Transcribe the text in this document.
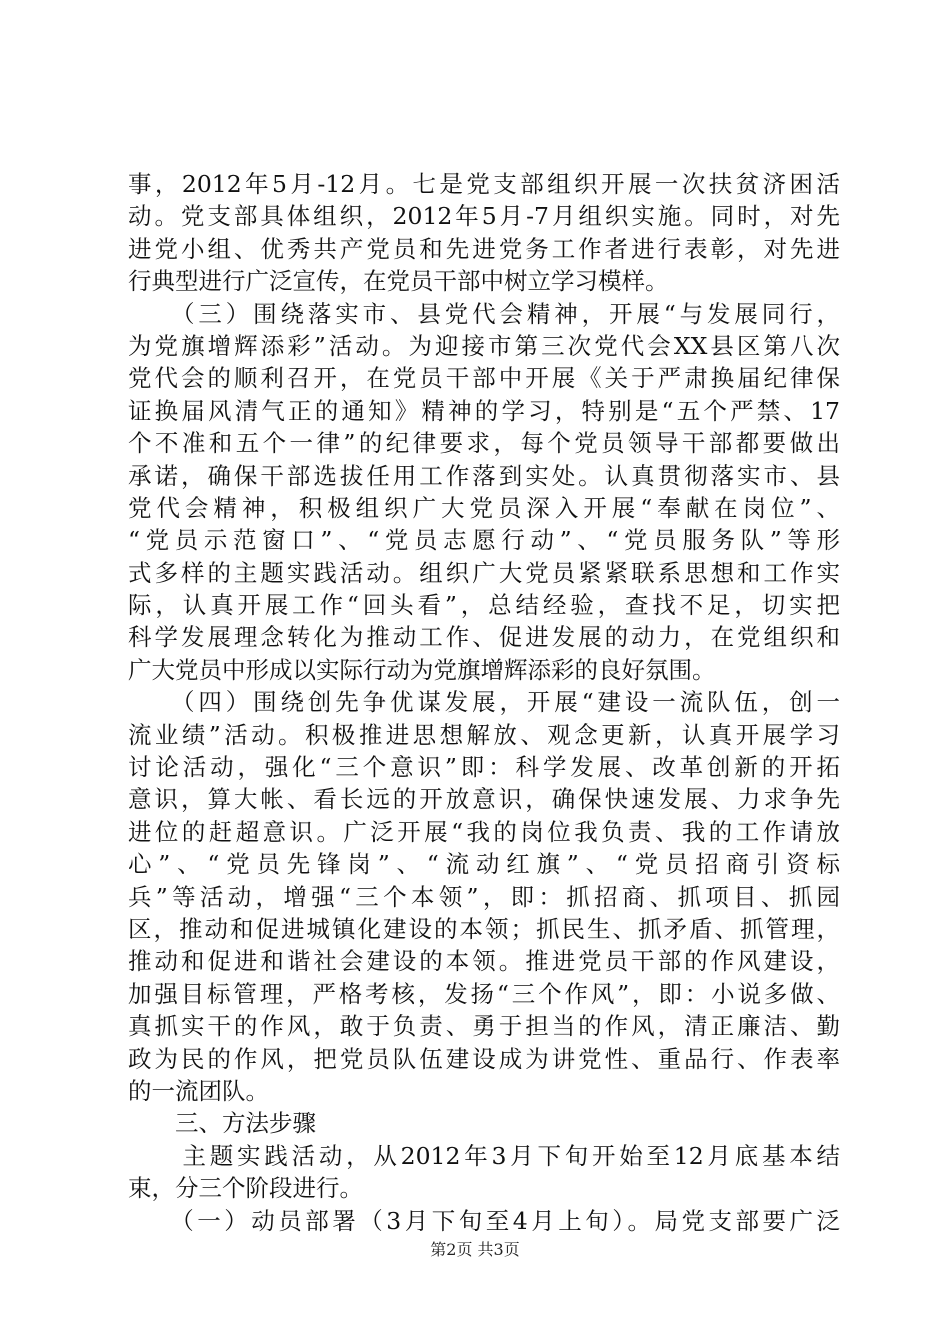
事，2012年5月-12月。七是党支部组织开展一次扶贫济困活
动。党支部具体组织，2012年5月-7月组织实施。同时，对先
进党小组、优秀共产党员和先进党务工作者进行表彰，对先进
行典型进行广泛宣传，在党员干部中树立学习模样。
　　（三）围绕落实市、县党代会精神，开展“与发展同行，
为党旗增辉添彩”活动。为迎接市第三次党代会XX县区第八次
党代会的顺利召开，在党员干部中开展《关于严肃换届纪律保
证换届风清气正的通知》精神的学习，特别是“五个严禁、17
个不准和五个一律”的纪律要求，每个党员领导干部都要做出
承诺，确保干部选拔任用工作落到实处。认真贯彻落实市、县
党代会精神，积极组织广大党员深入开展“奉献在岗位”、
“党员示范窗口”、“党员志愿行动”、“党员服务队”等形
式多样的主题实践活动。组织广大党员紧紧联系思想和工作实
际，认真开展工作“回头看”，总结经验，查找不足，切实把
科学发展理念转化为推动工作、促进发展的动力，在党组织和
广大党员中形成以实际行动为党旗增辉添彩的良好氛围。
　　（四）围绕创先争优谋发展，开展“建设一流队伍，创一
流业绩”活动。积极推进思想解放、观念更新，认真开展学习
讨论活动，强化“三个意识”即：科学发展、改革创新的开拓
意识，算大帐、看长远的开放意识，确保快速发展、力求争先
进位的赶超意识。广泛开展“我的岗位我负责、我的工作请放
心”、“党员先锋岗”、“流动红旗”、“党员招商引资标
兵”等活动，增强“三个本领”，即：抓招商、抓项目、抓园
区，推动和促进城镇化建设的本领；抓民生、抓矛盾、抓管理，
推动和促进和谐社会建设的本领。推进党员干部的作风建设，
加强目标管理，严格考核，发扬“三个作风”，即：小说多做、
真抓实干的作风，敢于负责、勇于担当的作风，清正廉洁、勤
政为民的作风，把党员队伍建设成为讲党性、重品行、作表率
的一流团队。
　　三、方法步骤
　　主题实践活动，从2012年3月下旬开始至12月底基本结
束，分三个阶段进行。
　　（一）动员部署（3月下旬至4月上旬）。局党支部要广泛
第2页 共3页
